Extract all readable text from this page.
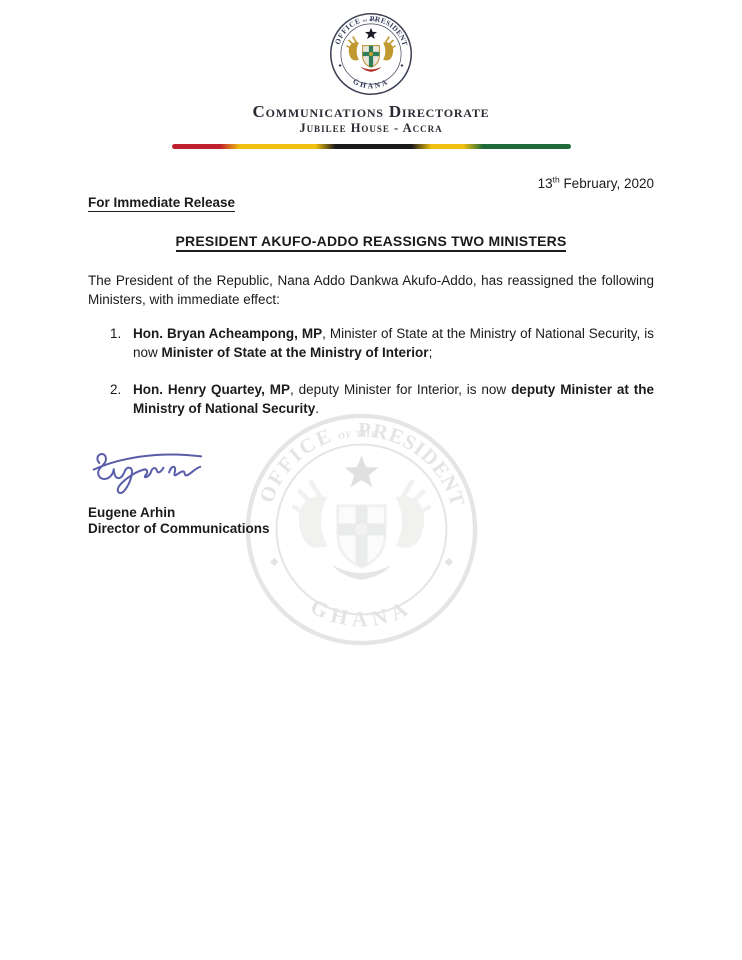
Communications Directorate
Jubilee House - Accra
13th February, 2020
For Immediate Release
PRESIDENT AKUFO-ADDO REASSIGNS TWO MINISTERS

The President of the Republic, Nana Addo Dankwa Akufo-Addo, has reassigned the following Ministers, with immediate effect:

1. Hon. Bryan Acheampong, MP, Minister of State at the Ministry of National Security, is now Minister of State at the Ministry of Interior;
2. Hon. Henry Quartey, MP, deputy Minister for Interior, is now deputy Minister at the Ministry of National Security.
Eugene Arhin
Director of Communications
